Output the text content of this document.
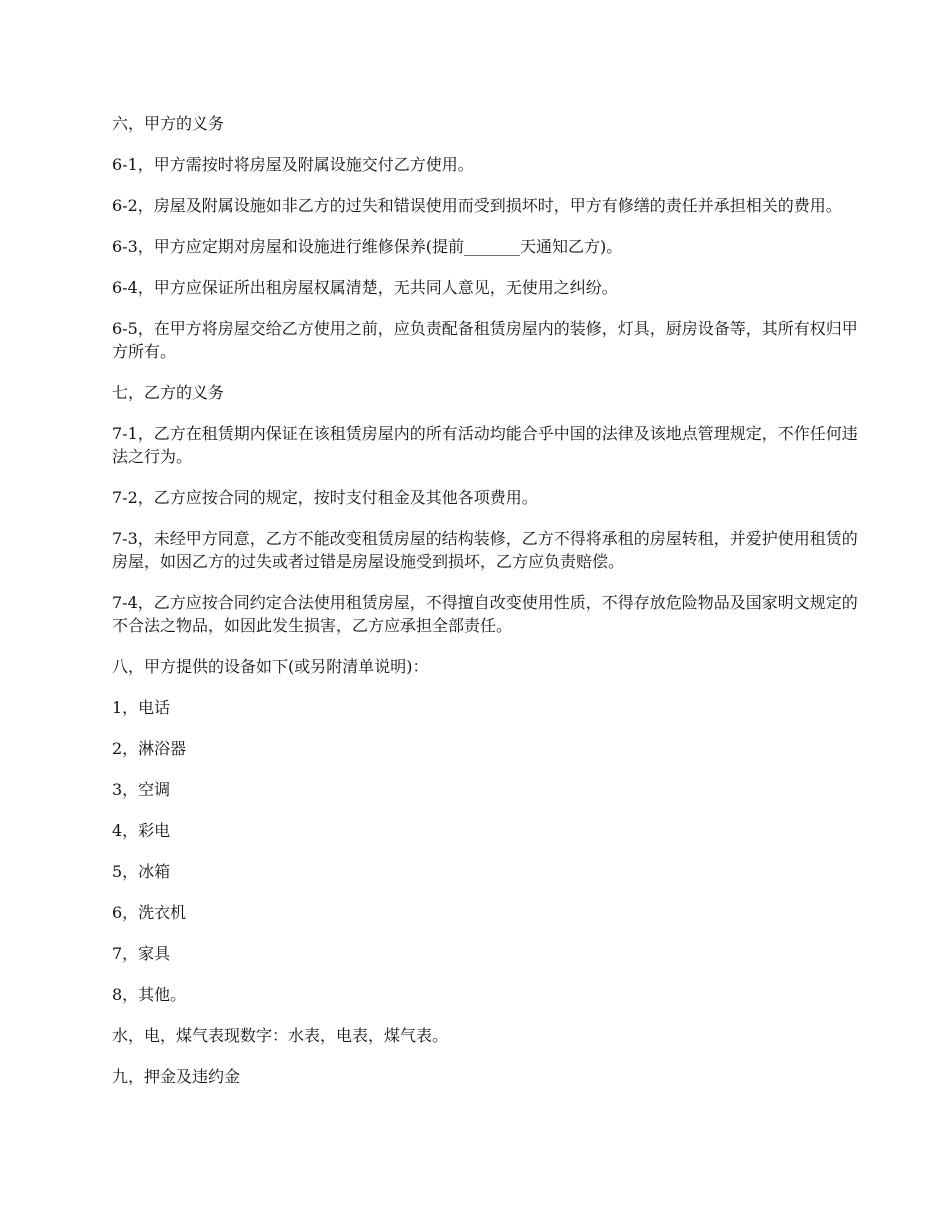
六，甲方的义务

6-1，甲方需按时将房屋及附属设施交付乙方使用。

6-2，房屋及附属设施如非乙方的过失和错误使用而受到损坏时，甲方有修缮的责任并承担相关的费用。

6-3，甲方应定期对房屋和设施进行维修保养(提前_______天通知乙方)。

6-4，甲方应保证所出租房屋权属清楚，无共同人意见，无使用之纠纷。

6-5，在甲方将房屋交给乙方使用之前，应负责配备租赁房屋内的装修，灯具，厨房设备等，其所有权归甲方所有。

七，乙方的义务

7-1，乙方在租赁期内保证在该租赁房屋内的所有活动均能合乎中国的法律及该地点管理规定，不作任何违法之行为。

7-2，乙方应按合同的规定，按时支付租金及其他各项费用。

7-3，未经甲方同意，乙方不能改变租赁房屋的结构装修，乙方不得将承租的房屋转租，并爱护使用租赁的房屋，如因乙方的过失或者过错是房屋设施受到损坏，乙方应负责赔偿。

7-4，乙方应按合同约定合法使用租赁房屋，不得擅自改变使用性质，不得存放危险物品及国家明文规定的不合法之物品，如因此发生损害，乙方应承担全部责任。

八，甲方提供的设备如下(或另附清单说明)：

1，电话

2，淋浴器

3，空调

4，彩电

5，冰箱

6，洗衣机

7，家具

8，其他。

水，电，煤气表现数字：水表，电表，煤气表。

九，押金及违约金
